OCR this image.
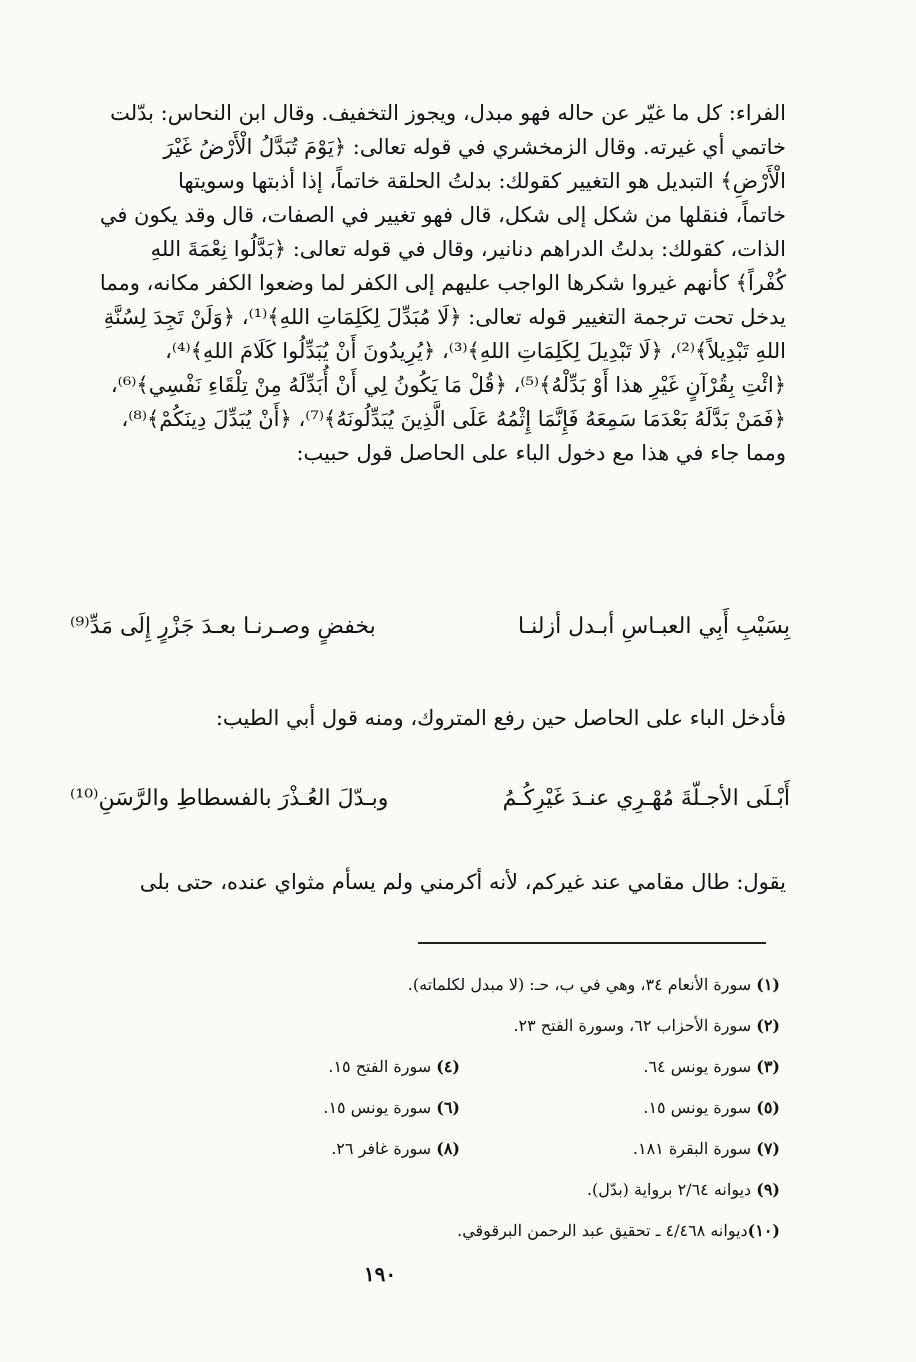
الفراء: كل ما غيّر عن حاله فهو مبدل، ويجوز التخفيف. وقال ابن النحاس: بدّلت
خاتمي أي غيرته. وقال الزمخشري في قوله تعالى: ﴿يَوْمَ تُبَدَّلُ الْأَرْضُ غَيْرَ
الْأَرْضِ﴾ التبديل هو التغيير كقولك: بدلتُ الحلقة خاتماً، إذا أذبتها وسويتها
خاتماً، فنقلها من شكل إلى شكل، قال فهو تغيير في الصفات، قال وقد يكون في
الذات، كقولك: بدلتُ الدراهم دنانير، وقال في قوله تعالى: ﴿بَدَّلُوا نِعْمَةَ اللهِ
كُفْراً﴾ كأنهم غيروا شكرها الواجب عليهم إلى الكفر لما وضعوا الكفر مكانه، ومما
يدخل تحت ترجمة التغيير قوله تعالى: ﴿لَا مُبَدِّلَ لِكَلِمَاتِ اللهِ﴾⁽¹⁾، ﴿وَلَنْ تَجِدَ لِسُنَّةِ
اللهِ تَبْدِيلاً﴾⁽²⁾، ﴿لَا تَبْدِيلَ لِكَلِمَاتِ اللهِ﴾⁽³⁾، ﴿يُرِيدُونَ أَنْ يُبَدِّلُوا كَلَامَ اللهِ﴾⁽⁴⁾،
﴿ائْتِ بِقُرْآنٍ غَيْرِ هذا أَوْ بَدِّلْهُ﴾⁽⁵⁾، ﴿قُلْ مَا يَكُونُ لِي أَنْ أُبَدِّلَهُ مِنْ تِلْقَاءِ نَفْسِي﴾⁽⁶⁾،
﴿فَمَنْ بَدَّلَهُ بَعْدَمَا سَمِعَهُ فَإِنَّمَا إِثْمُهُ عَلَى الَّذِينَ يُبَدِّلُونَهُ﴾⁽⁷⁾، ﴿أَنْ يُبَدِّلَ دِينَكُمْ﴾⁽⁸⁾،
ومما جاء في هذا مع دخول الباء على الحاصل قول حبيب:
بِسَيْبِ أَبِي العبـاسِ أبـدل أزلنـا
بخفضٍ وصـرنـا بعـدَ جَزْرٍ إِلَى مَدِّ⁽⁹⁾
فأدخل الباء على الحاصل حين رفع المتروك، ومنه قول أبي الطيب:
أَبْـلَى الأجـلّةَ مُهْـرِي عنـدَ غَيْرِكُـمُ
وبـدّلَ العُـذْرَ بالفسطاطِ والرَّسَنِ⁽¹⁰⁾
يقول: طال مقامي عند غيركم، لأنه أكرمني ولم يسأم مثواي عنده، حتى بلى
(١) سورة الأنعام ٣٤، وهي في ب، حـ: (لا مبدل لكلماته).
(٢) سورة الأحزاب ٦٢، وسورة الفتح ٢٣.
(٣) سورة يونس ٦٤.
(٤) سورة الفتح ١٥.
(٥) سورة يونس ١٥.
(٦) سورة يونس ١٥.
(٧) سورة البقرة ١٨١.
(٨) سورة غافر ٢٦.
(٩) ديوانه ٢/٦٤ برواية (بدّل).
(١٠)ديوانه ٤/٤٦٨ ـ تحقيق عبد الرحمن البرقوقي.
١٩٠
